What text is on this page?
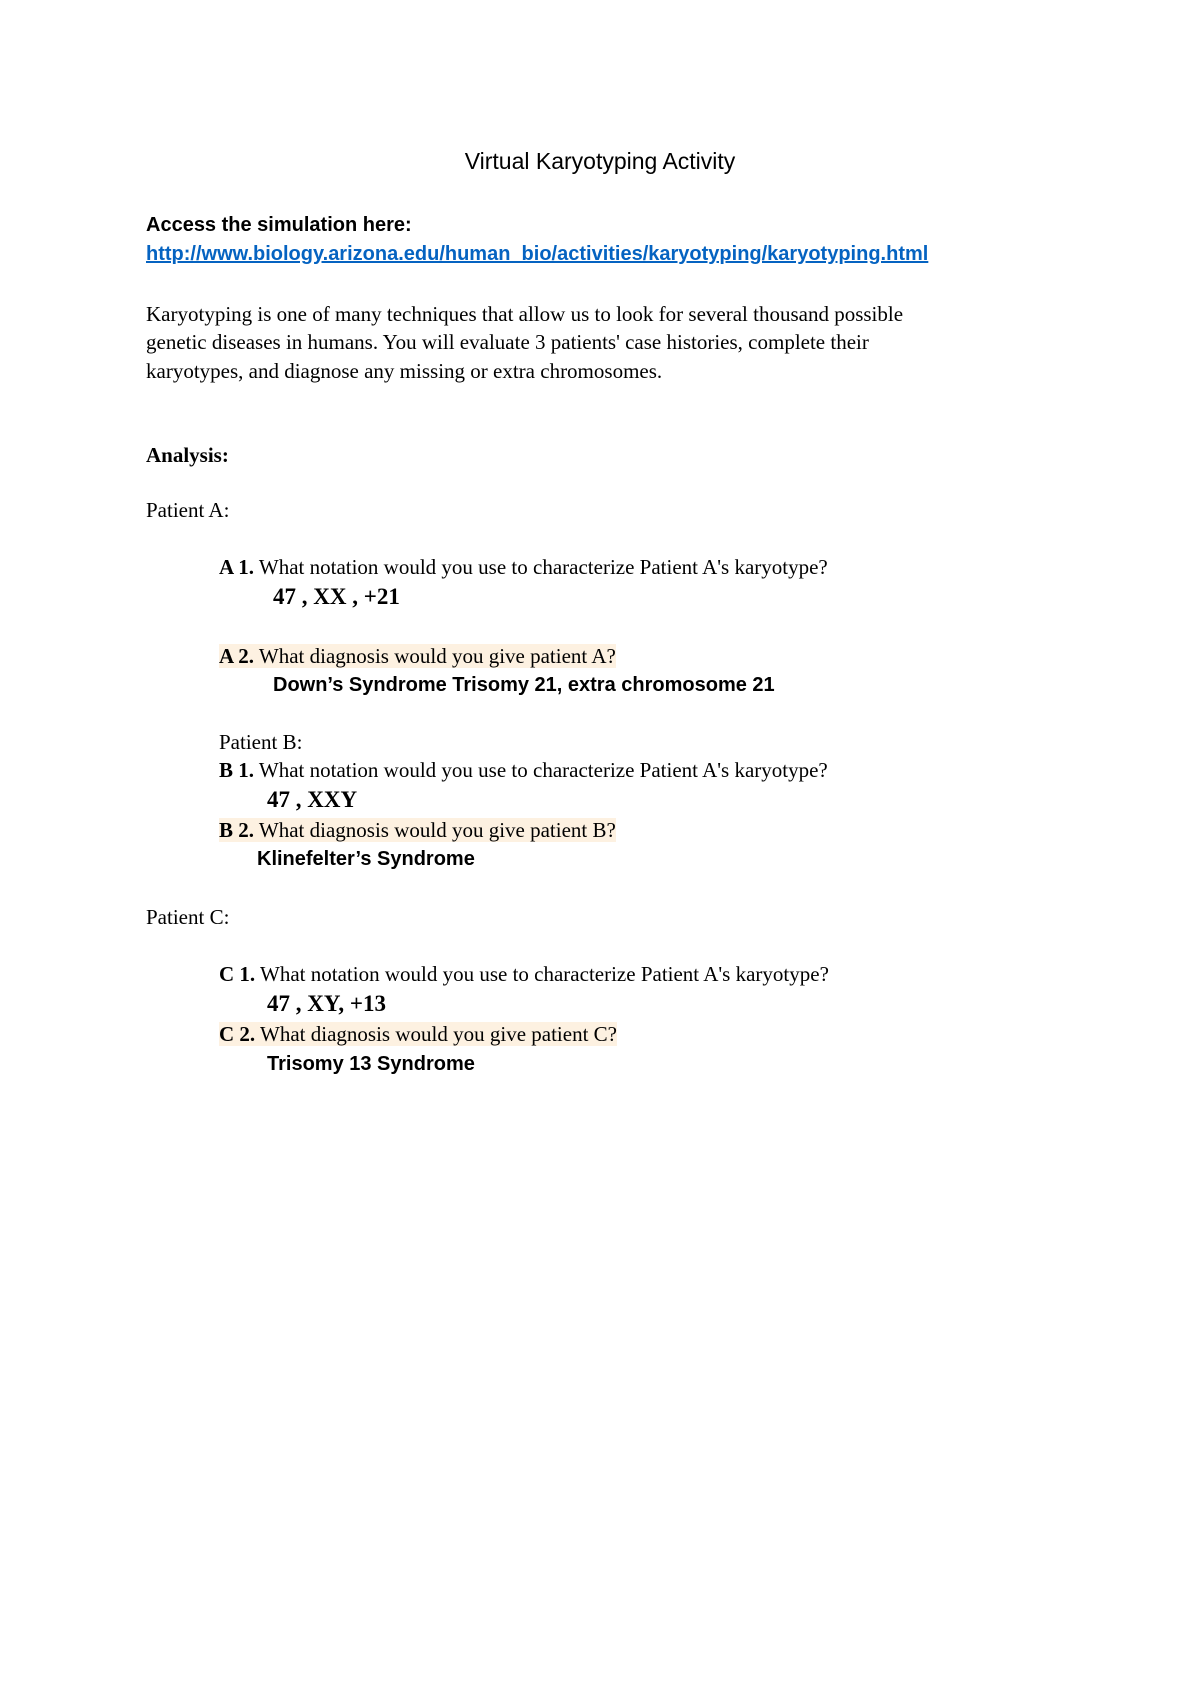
Virtual Karyotyping Activity
Access the simulation here:
http://www.biology.arizona.edu/human_bio/activities/karyotyping/karyotyping.html
Karyotyping is one of many techniques that allow us to look for several thousand possible
genetic diseases in humans. You will evaluate 3 patients' case histories, complete their
karyotypes, and diagnose any missing or extra chromosomes.
Analysis:
Patient A:
A 1. What notation would you use to characterize Patient A's karyotype?
47 , XX , +21
A 2. What diagnosis would you give patient A?
Down’s Syndrome Trisomy 21, extra chromosome 21
Patient B:
B 1. What notation would you use to characterize Patient A's karyotype?
47 , XXY
B 2. What diagnosis would you give patient B?
Klinefelter’s Syndrome
Patient C:
C 1. What notation would you use to characterize Patient A's karyotype?
47 , XY, +13
C 2. What diagnosis would you give patient C?
Trisomy 13 Syndrome
